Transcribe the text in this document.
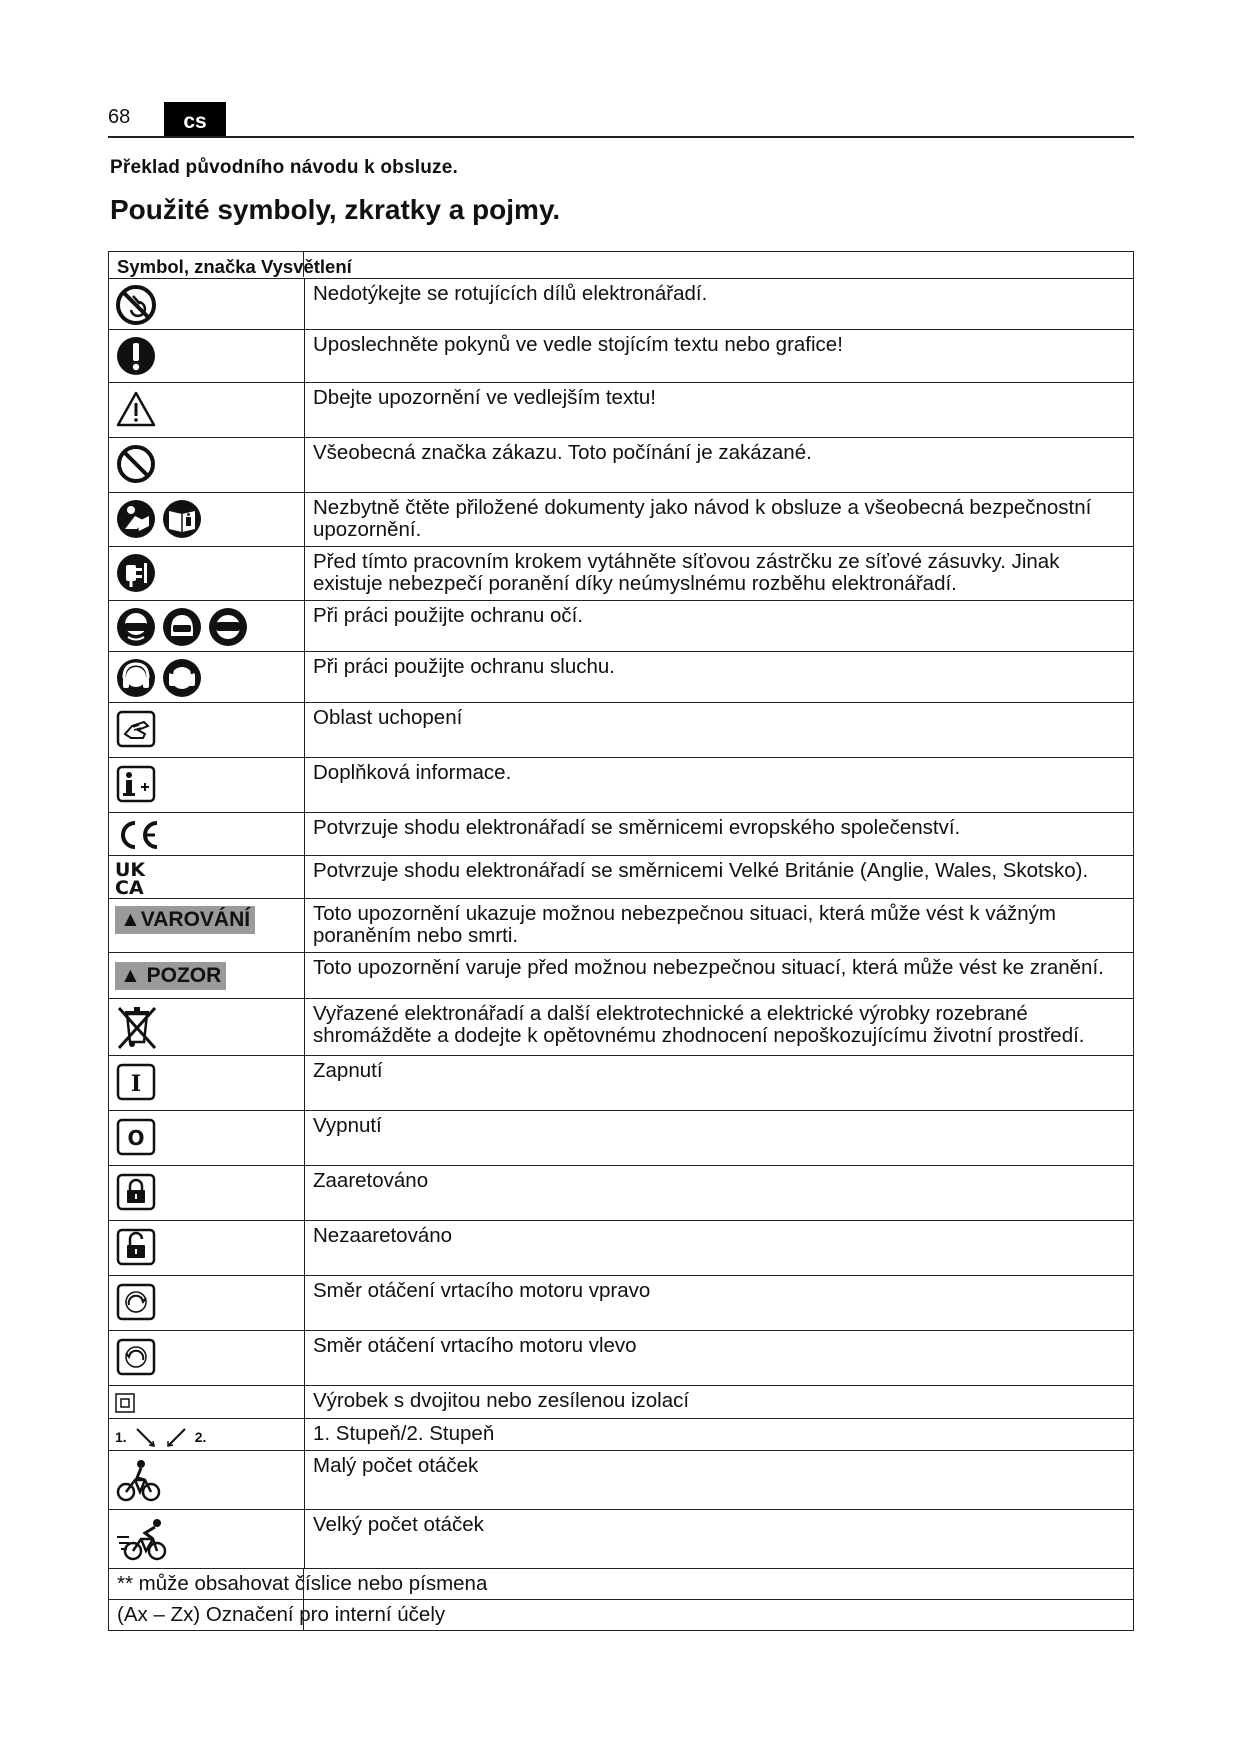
68	cs
Překlad původního návodu k obsluze.
Použité symboly, zkratky a pojmy.
Symbol, značka Vysvětlení	

	Nedotýkejte se rotujících dílů elektronářadí.

	Uposlechněte pokynů ve vedle stojícím textu nebo grafice!

	Dbejte upozornění ve vedlejším textu!

	Všeobecná značka zákazu. Toto počínání je zakázané.

	Nezbytně čtěte přiložené dokumenty jako návod k obsluze a všeobecná bezpečnostní upozornění.

	Před tímto pracovním krokem vytáhněte síťovou zástrčku ze síťové zásuvky. Jinak existuje nebezpečí poranění díky neúmyslnému rozběhu elektronářadí.

	Při práci použijte ochranu očí.

	Při práci použijte ochranu sluchu.

	Oblast uchopení

	Doplňková informace.

	Potvrzuje shodu elektronářadí se směrnicemi evropského společenství.

UK
CA	Potvrzuje shodu elektronářadí se směrnicemi Velké Británie (Anglie, Wales, Skotsko).
▲VAROVÁNÍ	Toto upozornění ukazuje možnou nebezpečnou situaci, která může vést k vážným poraněním nebo smrti.
▲ POZOR	Toto upozornění varuje před možnou nebezpečnou situací, která může vést ke zranění.

	Vyřazené elektronářadí a další elektrotechnické a elektrické výrobky rozebrané shromážděte a dodejte k opětovnému zhodnocení nepoškozujícímu životní prostředí.

I	Zapnutí

O	Vypnutí

	Zaaretováno

	Nezaaretováno

	Směr otáčení vrtacího motoru vpravo

	Směr otáčení vrtacího motoru vlevo

	Výrobek s dvojitou nebo zesílenou izolací

1. 2.	1. Stupeň/2. Stupeň

	Malý počet otáček

	Velký počet otáček
** může obsahovat číslice nebo písmena	
(Ax – Zx) Označení pro interní účely	
